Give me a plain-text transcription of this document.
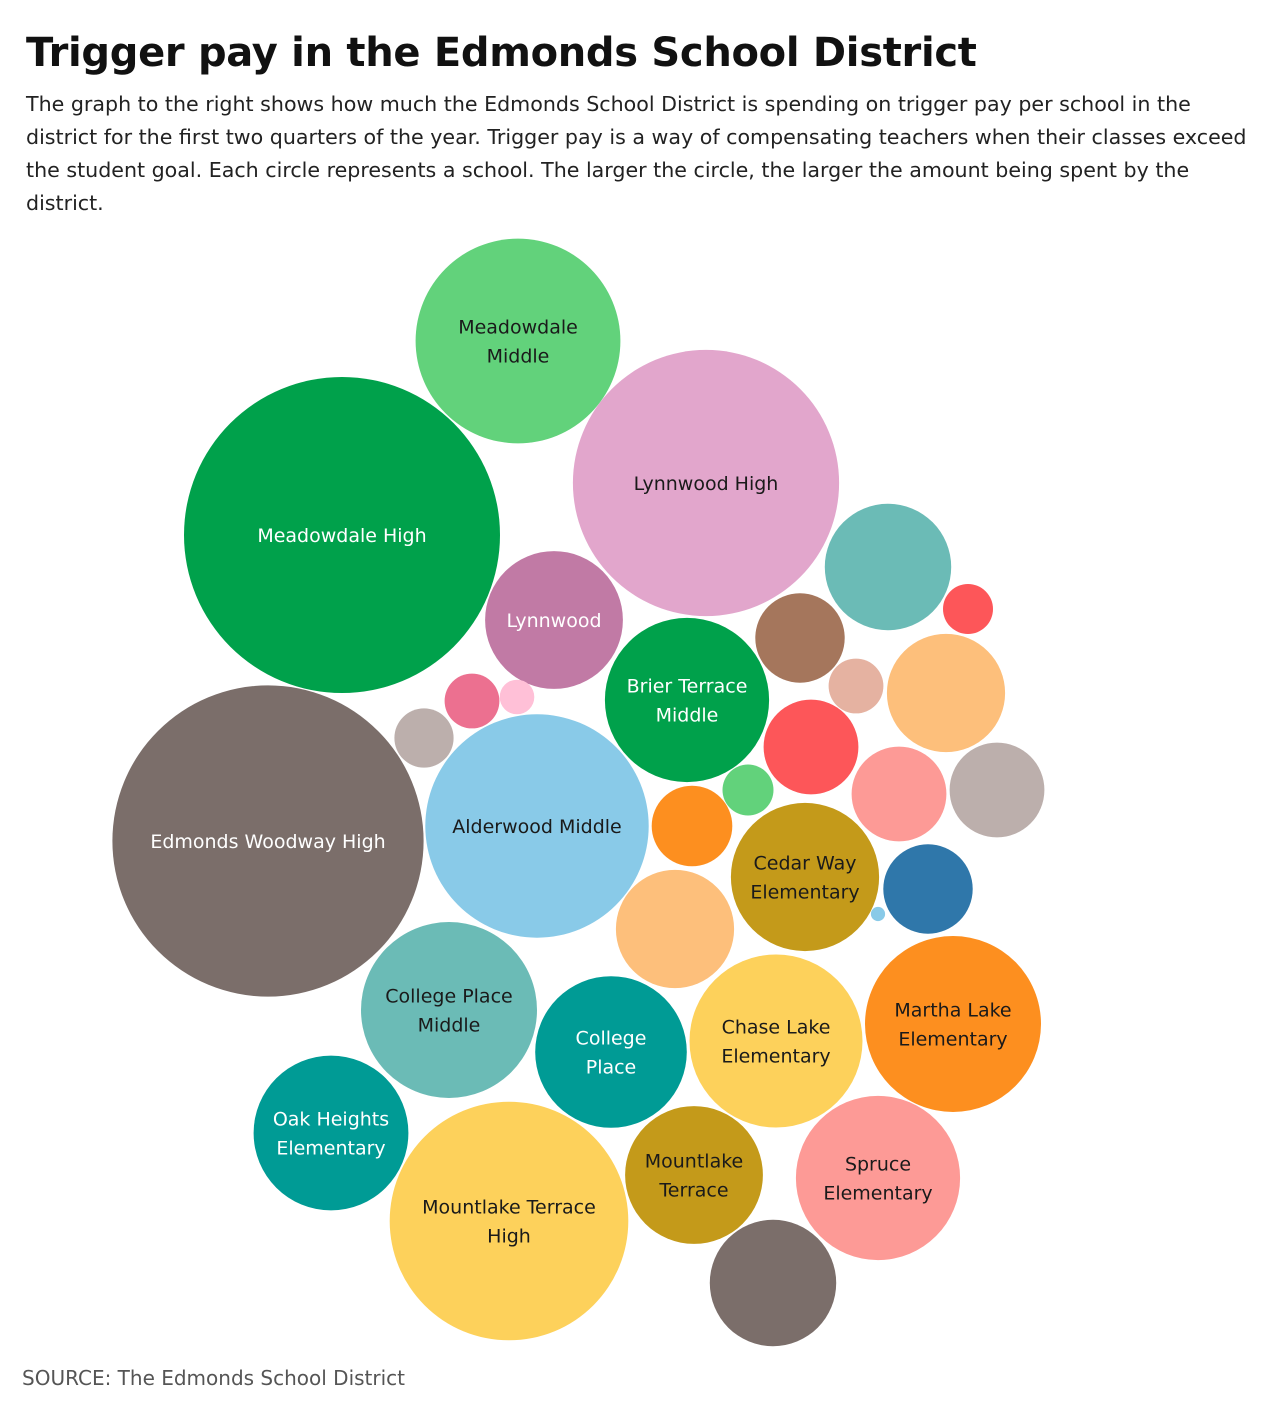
Trigger pay in the Edmonds School District

The graph to the right shows how much the Edmonds School District is spending on trigger pay per school in the district for the first two quarters of the year. Trigger pay is a way of compensating teachers when their classes exceed the student goal. Each circle represents a school. The larger the circle, the larger the amount being spent by the district.

Edmonds Woodway High
Meadowdale High
Lynnwood High
Mountlake Terrace High
Alderwood Middle
Meadowdale Middle
Martha Lake Elementary
College Place Middle	Chase Lake Elementary
Spruce Elementary
Brier Terrace Middle
College Place
Cedar Way Elementary
Oak Heights Elementary
Lynnwood
Mountlake Terrace

SOURCE: The Edmonds School District
